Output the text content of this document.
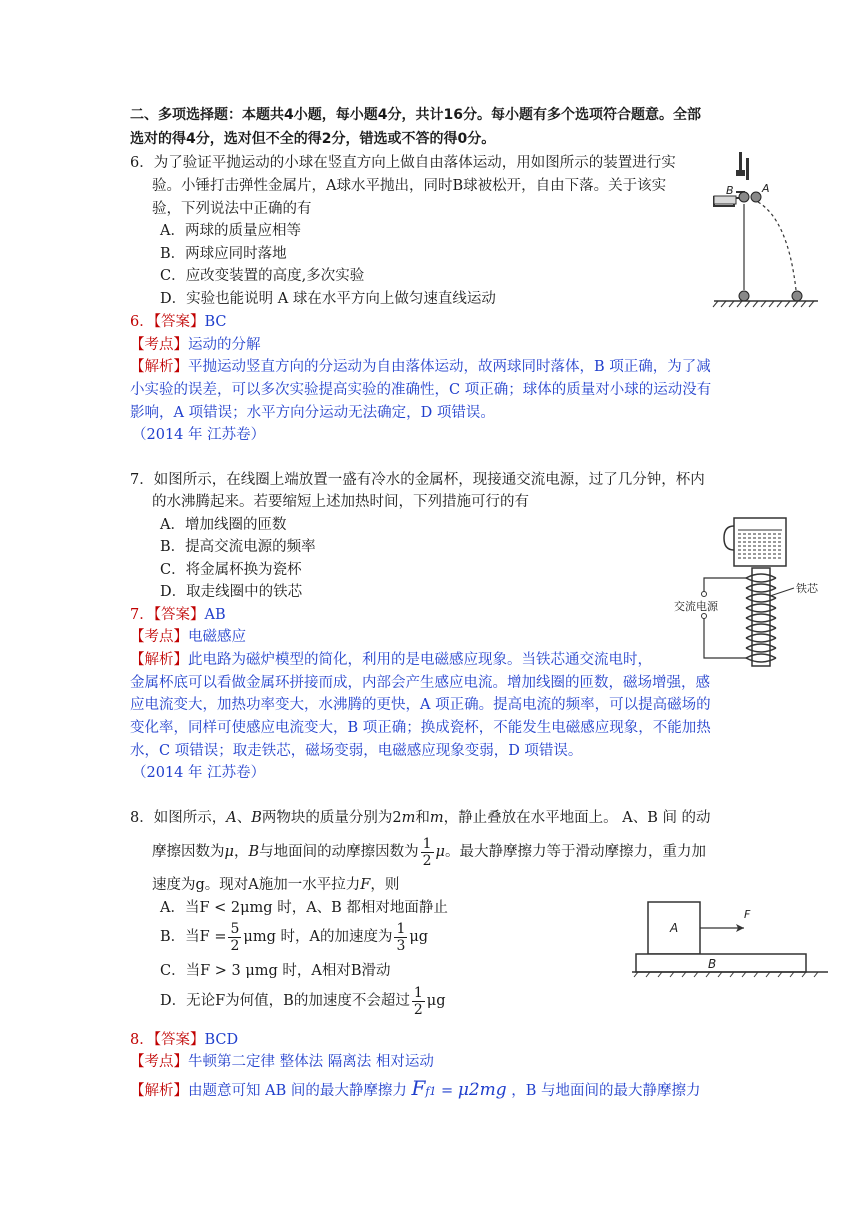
二、多项选择题：本题共4小题，每小题4分，共计16分。每小题有多个选项符合题意。全部
选对的得4分，选对但不全的得2分，错选或不答的得0分。
6．为了验证平抛运动的小球在竖直方向上做自由落体运动，用如图所示的装置进行实
验。小锤打击弹性金属片，A球水平抛出，同时B球被松开，自由下落。关于该实
验，下列说法中正确的有
A．两球的质量应相等
B．两球应同时落地
C．应改变装置的高度,多次实验
D．实验也能说明 A 球在水平方向上做匀速直线运动
6．【答案】BC
【考点】运动的分解
【解析】平抛运动竖直方向的分运动为自由落体运动，故两球同时落体，B 项正确，为了减
小实验的误差，可以多次实验提高实验的准确性，C 项正确；球体的质量对小球的运动没有
影响，A 项错误；水平方向分运动无法确定，D 项错误。
（2014 年 江苏卷）
B	A
7．如图所示，在线圈上端放置一盛有冷水的金属杯，现接通交流电源，过了几分钟，杯内
的水沸腾起来。若要缩短上述加热时间，下列措施可行的有
A．增加线圈的匝数
B．提高交流电源的频率
C．将金属杯换为瓷杯
D．取走线圈中的铁芯
7．【答案】AB
【考点】电磁感应
【解析】此电路为磁炉模型的简化，利用的是电磁感应现象。当铁芯通交流电时，
金属杯底可以看做金属环拼接而成，内部会产生感应电流。增加线圈的匝数，磁场增强，感
应电流变大，加热功率变大，水沸腾的更快，A 项正确。提高电流的频率，可以提高磁场的
变化率，同样可使感应电流变大，B 项正确；换成瓷杯，不能发生电磁感应现象，不能加热
水，C 项错误；取走铁芯，磁场变弱，电磁感应现象变弱，D 项错误。
（2014 年 江苏卷）
交流电源
铁芯
8．如图所示，A、B两物块的质量分别为2m和m，静止叠放在水平地面上。 A、B 间 的动
摩擦因数为μ，B与地面间的动摩擦因数为 $\frac{1}{2}$ μ。最大静摩擦力等于滑动摩擦力，重力加
速度为g。现对A施加一水平拉力F，则
A．当F < 2μmg 时，A、B 都相对地面静止
B．当$F = \frac{5}{2}$ μmg 时，A的加速度为 $\frac{1}{3}$ μg
C．当F > 3 μmg 时，A相对B滑动
D．无论F为何值，B的加速度不会超过 $\frac{1}{2}$ μg
8．【答案】BCD
【考点】牛顿第二定律 整体法 隔离法 相对运动
【解析】由题意可知 AB 间的最大静摩擦力 Ff1 = μ2mg ，B 与地面间的最大静摩擦力
A
F
B
